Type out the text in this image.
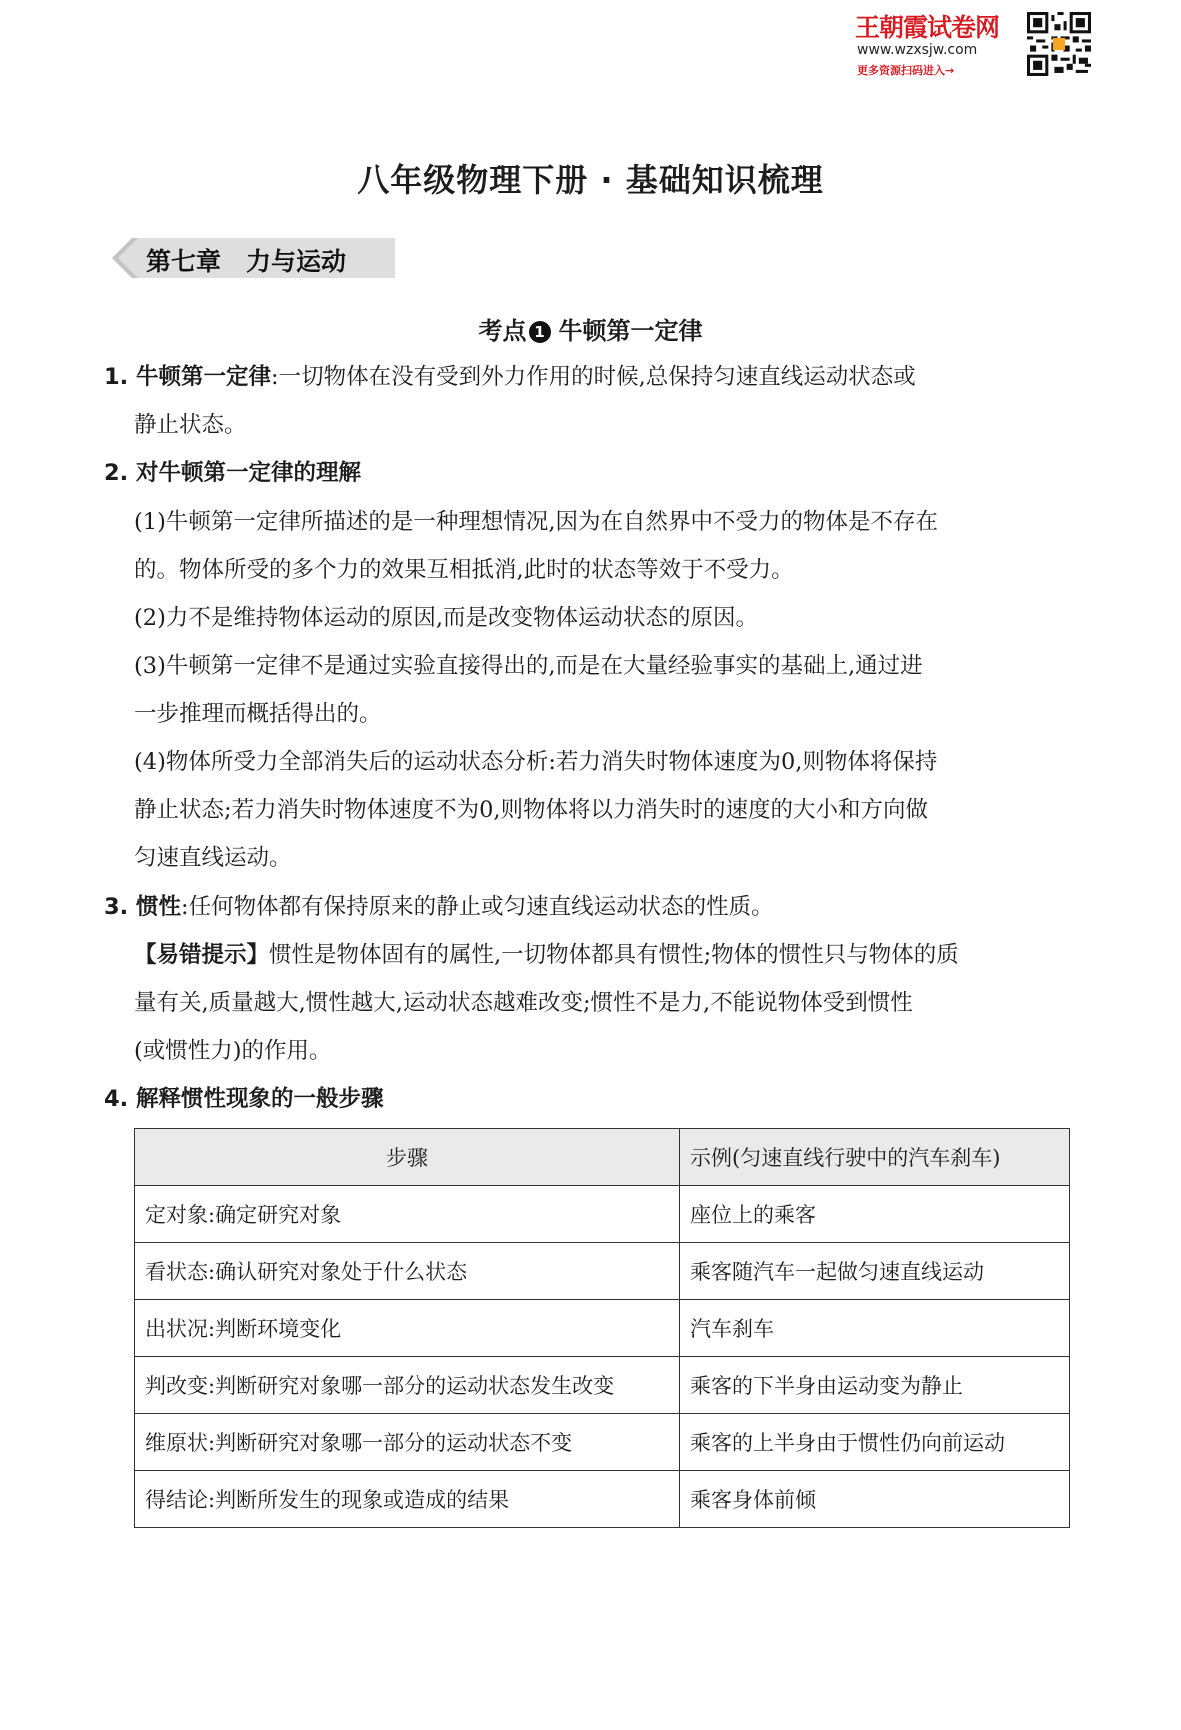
王朝霞试卷网
www.wzxsjw.com
更多资源扫码进入→
八年级物理下册 · 基础知识梳理
第七章　力与运动
考点 1 牛顿第一定律
1. 牛顿第一定律:一切物体在没有受到外力作用的时候,总保持匀速直线运动状态或
静止状态。
2. 对牛顿第一定律的理解
(1)牛顿第一定律所描述的是一种理想情况,因为在自然界中不受力的物体是不存在
的。物体所受的多个力的效果互相抵消,此时的状态等效于不受力。
(2)力不是维持物体运动的原因,而是改变物体运动状态的原因。
(3)牛顿第一定律不是通过实验直接得出的,而是在大量经验事实的基础上,通过进
一步推理而概括得出的。
(4)物体所受力全部消失后的运动状态分析:若力消失时物体速度为0,则物体将保持
静止状态;若力消失时物体速度不为0,则物体将以力消失时的速度的大小和方向做
匀速直线运动。
3. 惯性:任何物体都有保持原来的静止或匀速直线运动状态的性质。
【易错提示】惯性是物体固有的属性,一切物体都具有惯性;物体的惯性只与物体的质
量有关,质量越大,惯性越大,运动状态越难改变;惯性不是力,不能说物体受到惯性
(或惯性力)的作用。
4. 解释惯性现象的一般步骤
步骤	示例(匀速直线行驶中的汽车刹车)
定对象:确定研究对象	座位上的乘客
看状态:确认研究对象处于什么状态	乘客随汽车一起做匀速直线运动
出状况:判断环境变化	汽车刹车
判改变:判断研究对象哪一部分的运动状态发生改变	乘客的下半身由运动变为静止
维原状:判断研究对象哪一部分的运动状态不变	乘客的上半身由于惯性仍向前运动
得结论:判断所发生的现象或造成的结果	乘客身体前倾
